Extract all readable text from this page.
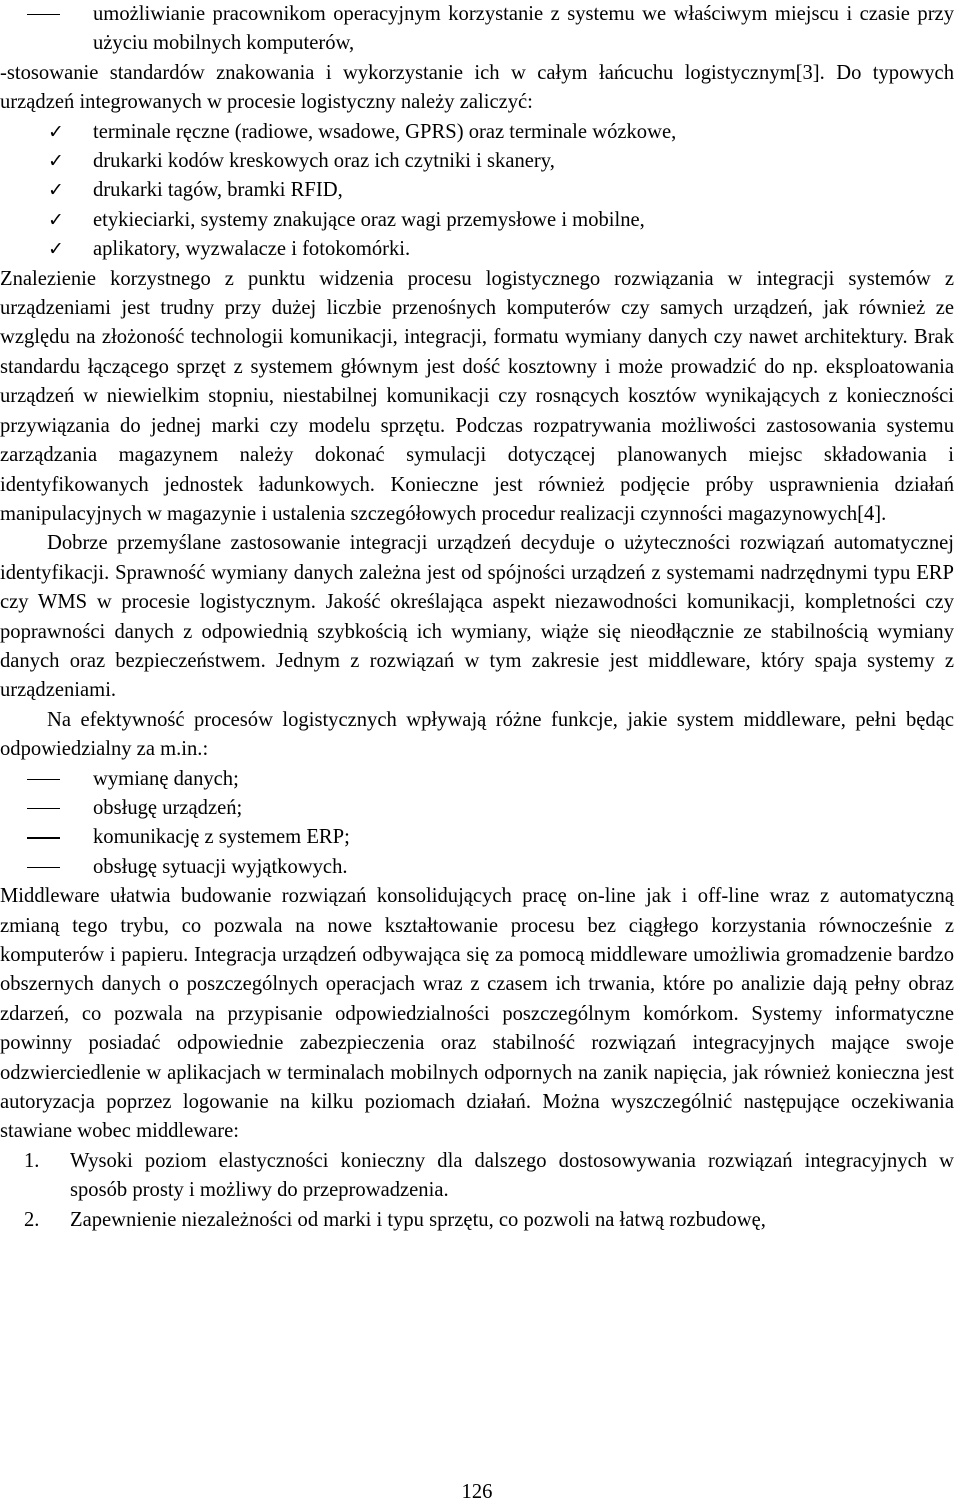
umożliwianie pracownikom operacyjnym korzystanie z systemu we właściwym miejscu i czasie przy użyciu mobilnych komputerów,

-stosowanie standardów znakowania i wykorzystanie ich w całym łańcuchu logistycznym[3]. Do typowych urządzeń integrowanych w procesie logistyczny należy zaliczyć:

✓ terminale ręczne (radiowe, wsadowe, GPRS) oraz terminale wózkowe,
✓ drukarki kodów kreskowych oraz ich czytniki i skanery,
✓ drukarki tagów, bramki RFID,
✓ etykieciarki, systemy znakujące oraz wagi przemysłowe i mobilne,
✓ aplikatory, wyzwalacze i fotokomórki.

Znalezienie korzystnego z punktu widzenia procesu logistycznego rozwiązania w integracji systemów z urządzeniami jest trudny przy dużej liczbie przenośnych komputerów czy samych urządzeń, jak również ze względu na złożoność technologii komunikacji, integracji, formatu wymiany danych czy nawet architektury. Brak standardu łączącego sprzęt z systemem głównym jest dość kosztowny i może prowadzić do np. eksploatowania urządzeń w niewielkim stopniu, niestabilnej komunikacji czy rosnących kosztów wynikających z konieczności przywiązania do jednej marki czy modelu sprzętu. Podczas rozpatrywania możliwości zastosowania systemu zarządzania magazynem należy dokonać symulacji dotyczącej planowanych miejsc składowania i identyfikowanych jednostek ładunkowych. Konieczne jest również podjęcie próby usprawnienia działań manipulacyjnych w magazynie i ustalenia szczegółowych procedur realizacji czynności magazynowych[4].

Dobrze przemyślane zastosowanie integracji urządzeń decyduje o użyteczności rozwiązań automatycznej identyfikacji. Sprawność wymiany danych zależna jest od spójności urządzeń z systemami nadrzędnymi typu ERP czy WMS w procesie logistycznym. Jakość określająca aspekt niezawodności komunikacji, kompletności czy poprawności danych z odpowiednią szybkością ich wymiany, wiąże się nieodłącznie ze stabilnością wymiany danych oraz bezpieczeństwem. Jednym z rozwiązań w tym zakresie jest middleware, który spaja systemy z urządzeniami.

Na efektywność procesów logistycznych wpływają różne funkcje, jakie system middleware, pełni będąc odpowiedzialny za m.in.:

wymianę danych;
obsługę urządzeń;
komunikację z systemem ERP;
obsługę sytuacji wyjątkowych.

Middleware ułatwia budowanie rozwiązań konsolidujących pracę on-line jak i off-line wraz z automatyczną zmianą tego trybu, co pozwala na nowe kształtowanie procesu bez ciągłego korzystania równocześnie z komputerów i papieru. Integracja urządzeń odbywająca się za pomocą middleware umożliwia gromadzenie bardzo obszernych danych o poszczególnych operacjach wraz z czasem ich trwania, które po analizie dają pełny obraz zdarzeń, co pozwala na przypisanie odpowiedzialności poszczególnym komórkom. Systemy informatyczne powinny posiadać odpowiednie zabezpieczenia oraz stabilność rozwiązań integracyjnych mające swoje odzwierciedlenie w aplikacjach w terminalach mobilnych odpornych na zanik napięcia, jak również konieczna jest autoryzacja poprzez logowanie na kilku poziomach działań. Można wyszczególnić następujące oczekiwania stawiane wobec middleware:

1. Wysoki poziom elastyczności konieczny dla dalszego dostosowywania rozwiązań integracyjnych w sposób prosty i możliwy do przeprowadzenia.
2. Zapewnienie niezależności od marki i typu sprzętu, co pozwoli na łatwą rozbudowę,
126
